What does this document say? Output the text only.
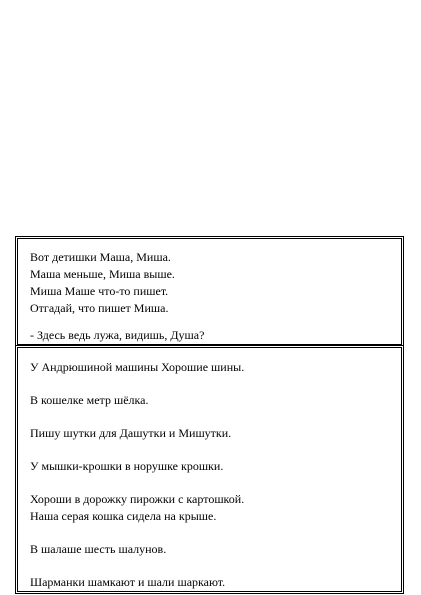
Вот детишки Маша, Миша.
Маша меньше, Миша выше.
Миша Маше что-то пишет.
Отгадай, что пишет Миша.
- Здесь ведь лужа, видишь, Душа?
У Андрюшиной машины Хорошие шины.
В кошелке метр шёлка.
Пишу шутки для Дашутки и Мишутки.
У мышки-крошки в норушке крошки.
Хороши в дорожку пирожки с картошкой.
Наша серая кошка сидела на крыше.
В шалаше шесть шалунов.
Шарманки шамкают и шали шаркают.
